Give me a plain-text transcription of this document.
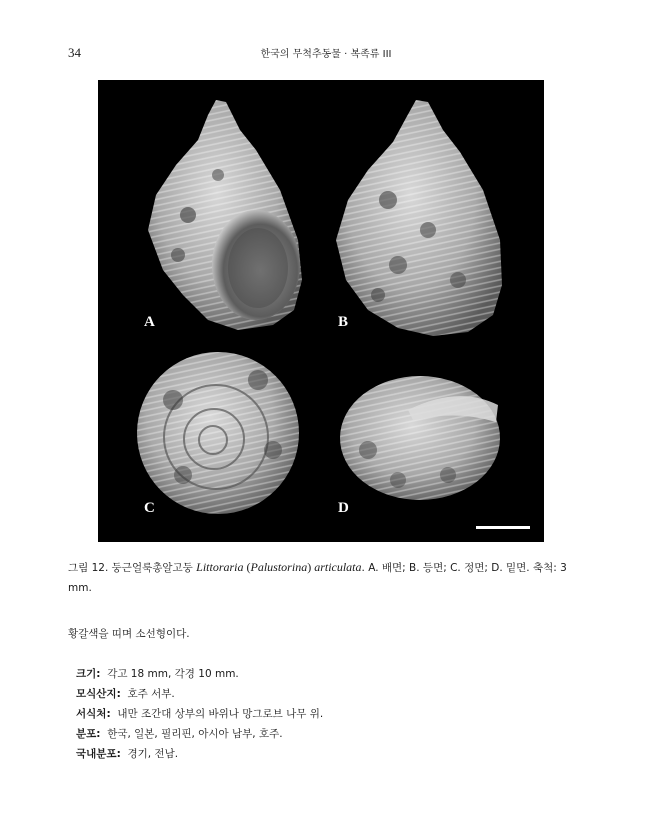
34	한국의 무척추동물 · 복족류 III
A	B
C	D
그림 12. 둥근얼룩총알고둥 Littoraria (Palustorina) articulata. A. 배면; B. 등면; C. 정면; D. 밑면. 축척: 3 mm.
황갈색을 띠며 소선형이다.
크기: 각고 18 mm, 각경 10 mm.
모식산지: 호주 서부.
서식처: 내만 조간대 상부의 바위나 망그로브 나무 위.
분포: 한국, 일본, 필리핀, 아시아 남부, 호주.
국내분포: 경기, 전남.
